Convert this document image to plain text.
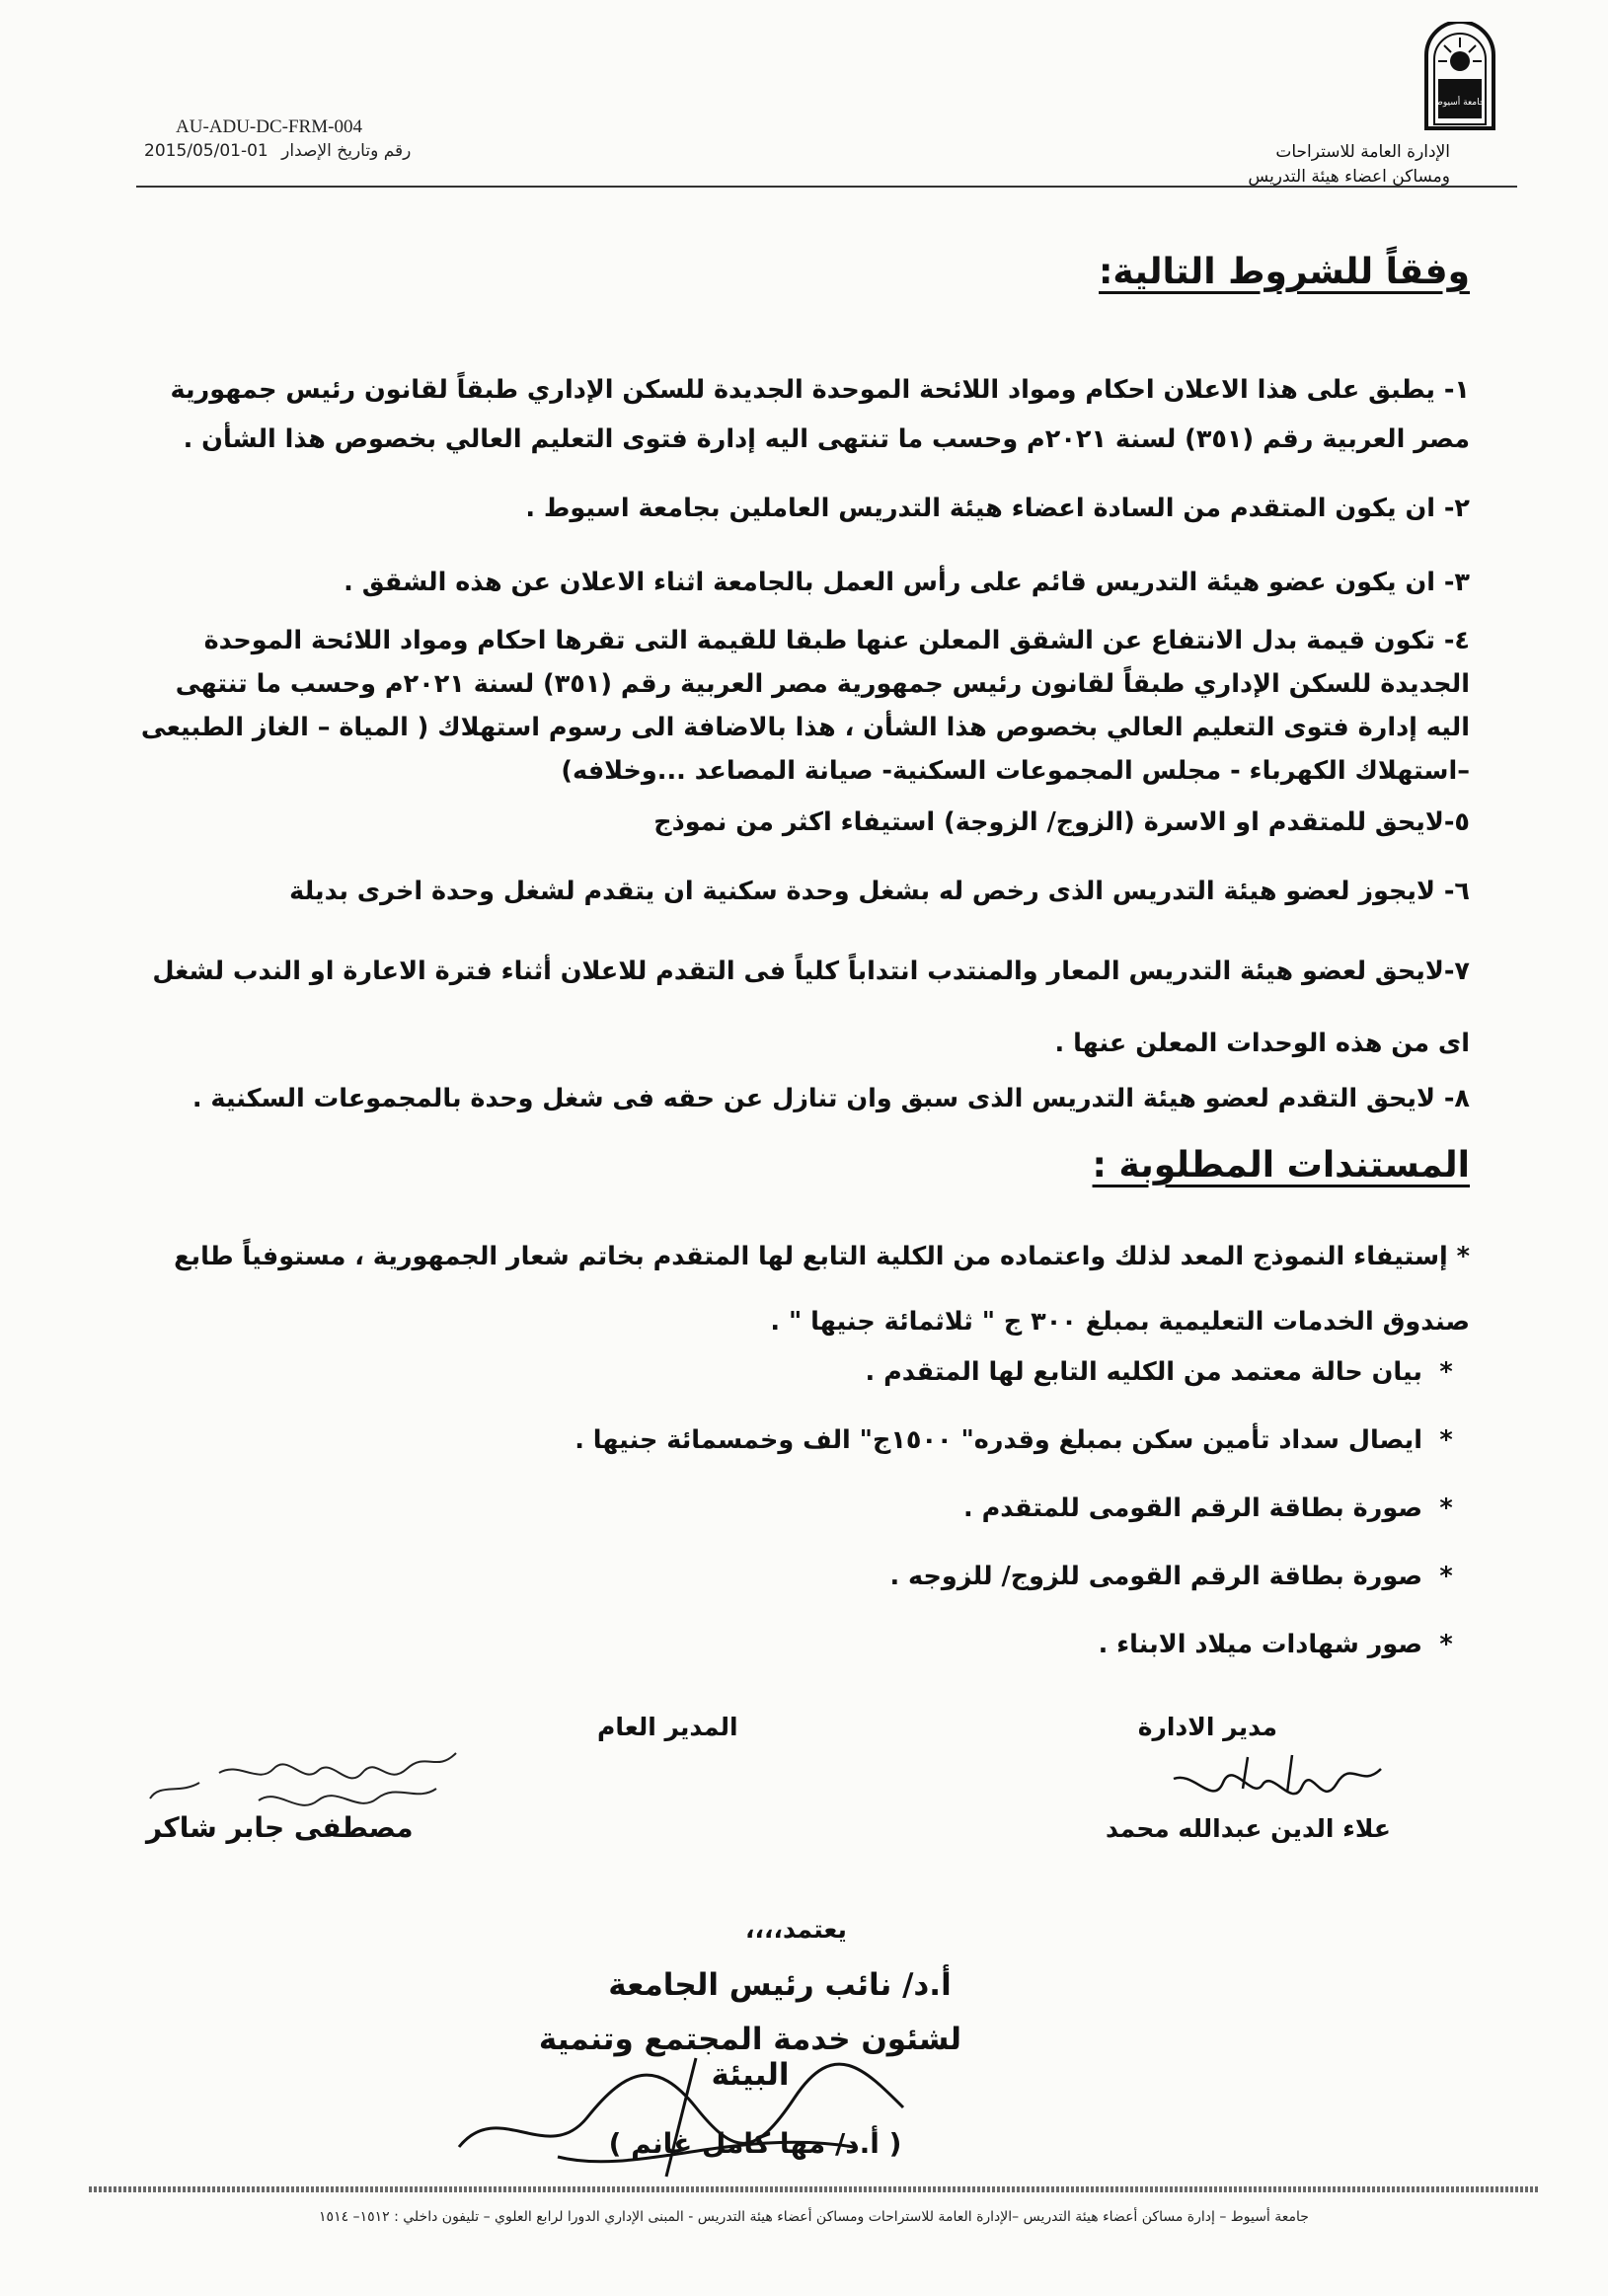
AU-ADU-DC-FRM-004
2015/05/01-01 رقم وتاريخ الإصدار
جامعة أسيوط
الإدارة العامة للاستراحات
ومساكن اعضاء هيئة التدريس
وفقاً للشروط التالية:
١- يطبق على هذا الاعلان احكام ومواد اللائحة الموحدة الجديدة للسكن الإداري طبقاً لقانون رئيس جمهورية مصر العربية رقم (٣٥١) لسنة ٢٠٢١م وحسب ما تنتهى اليه إدارة فتوى التعليم العالي بخصوص هذا الشأن .
٢- ان يكون المتقدم من السادة اعضاء هيئة التدريس العاملين بجامعة اسيوط .
٣- ان يكون عضو هيئة التدريس قائم على رأس العمل بالجامعة اثناء الاعلان عن هذه الشقق .
٤- تكون قيمة بدل الانتفاع عن الشقق المعلن عنها طبقا للقيمة التى تقرها احكام ومواد اللائحة الموحدة الجديدة للسكن الإداري طبقاً لقانون رئيس جمهورية مصر العربية رقم (٣٥١) لسنة ٢٠٢١م وحسب ما تنتهى اليه إدارة فتوى التعليم العالي بخصوص هذا الشأن ، هذا بالاضافة الى رسوم استهلاك ( المياة – الغاز الطبيعى –استهلاك الكهرباء - مجلس المجموعات السكنية- صيانة المصاعد ...وخلافه)
٥-لايحق للمتقدم او الاسرة (الزوج/ الزوجة) استيفاء اكثر من نموذج
٦- لايجوز لعضو هيئة التدريس الذى رخص له بشغل وحدة سكنية ان يتقدم لشغل وحدة اخرى بديلة
٧-لايحق لعضو هيئة التدريس المعار والمنتدب انتداباً كلياً فى التقدم للاعلان أثناء فترة الاعارة او الندب لشغل اى من هذه الوحدات المعلن عنها .
٨- لايحق التقدم لعضو هيئة التدريس الذى سبق وان تنازل عن حقه فى شغل وحدة بالمجموعات السكنية .
المستندات المطلوبة :
* إستيفاء النموذج المعد لذلك واعتماده من الكلية التابع لها المتقدم بخاتم شعار الجمهورية ، مستوفياً طابع صندوق الخدمات التعليمية بمبلغ ٣٠٠ ج " ثلاثمائة جنيها " .
*بيان حالة معتمد من الكليه التابع لها المتقدم .
*ايصال سداد تأمين سكن بمبلغ وقدره" ١٥٠٠ج" الف وخمسمائة جنيها .
*صورة بطاقة الرقم القومى للمتقدم .
*صورة بطاقة الرقم القومى للزوج/ للزوجه .
*صور شهادات ميلاد الابناء .
مدير الادارة
علاء الدين عبدالله محمد
المدير العام
مصطفى جابر شاكر
يعتمد،،،،
أ.د/ نائب رئيس الجامعة
لشئون خدمة المجتمع وتنمية البيئة
( أ.د/ مها كامل غانم )
جامعة أسيوط – إدارة مساكن أعضاء هيئة التدريس –الإدارة العامة للاستراحات ومساكن أعضاء هيئة التدريس - المبنى الإداري الدورا لرابع العلوي – تليفون داخلي : ١٥١٢– ١٥١٤
